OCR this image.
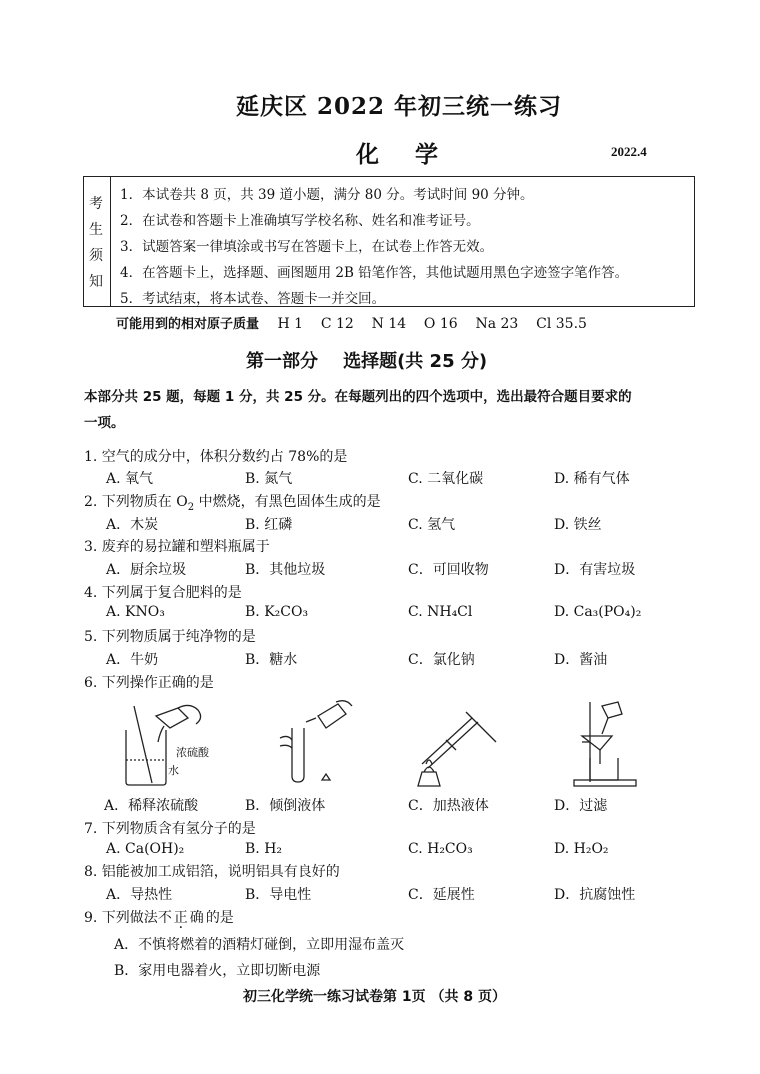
延庆区 2022 年初三统一练习
化 学	2022.4
考
生
须
知
1．本试卷共 8 页，共 39 道小题，满分 80 分。考试时间 90 分钟。
2．在试卷和答题卡上准确填写学校名称、姓名和准考证号。
3．试题答案一律填涂或书写在答题卡上，在试卷上作答无效。
4．在答题卡上，选择题、画图题用 2B 铅笔作答，其他试题用黑色字迹签字笔作答。
5．考试结束，将本试卷、答题卡一并交回。
可能用到的相对原子质量 H 1    C 12    N 14    O 16    Na 23    Cl 35.5
第一部分    选择题(共 25 分)
本部分共 25 题，每题 1 分，共 25 分。在每题列出的四个选项中，选出最符合题目要求的
一项。
1. 空气的成分中，体积分数约占 78%的是
A. 氧气	B. 氮气	C. 二氧化碳	D. 稀有气体
2. 下列物质在 $O_2$ 中燃烧，有黑色固体生成的是
A．木炭	B. 红磷	C. 氢气	D. 铁丝
3. 废弃的易拉罐和塑料瓶属于
A．厨余垃圾	B．其他垃圾	C．可回收物	D．有害垃圾
4. 下列属于复合肥料的是
A. KNO₃	B. K₂CO₃	C. NH₄Cl	D. Ca₃(PO₄)₂
5. 下列物质属于纯净物的是
A．牛奶	B．糖水	C．氯化钠	D．酱油
6. 下列操作正确的是
浓硫酸
水
A．稀释浓硫酸	B．倾倒液体	C．加热液体	D．过滤
7. 下列物质含有氢分子的是
A. Ca(OH)₂	B. H₂	C. H₂CO₃	D. H₂O₂
8. 铝能被加工成铝箔，说明铝具有良好的
A．导热性	B．导电性	C．延展性	D．抗腐蚀性
9. 下列做法不正确的是
A．不慎将燃着的酒精灯碰倒，立即用湿布盖灭
B．家用电器着火，立即切断电源
初三化学统一练习试卷第 1页 （共 8 页）
